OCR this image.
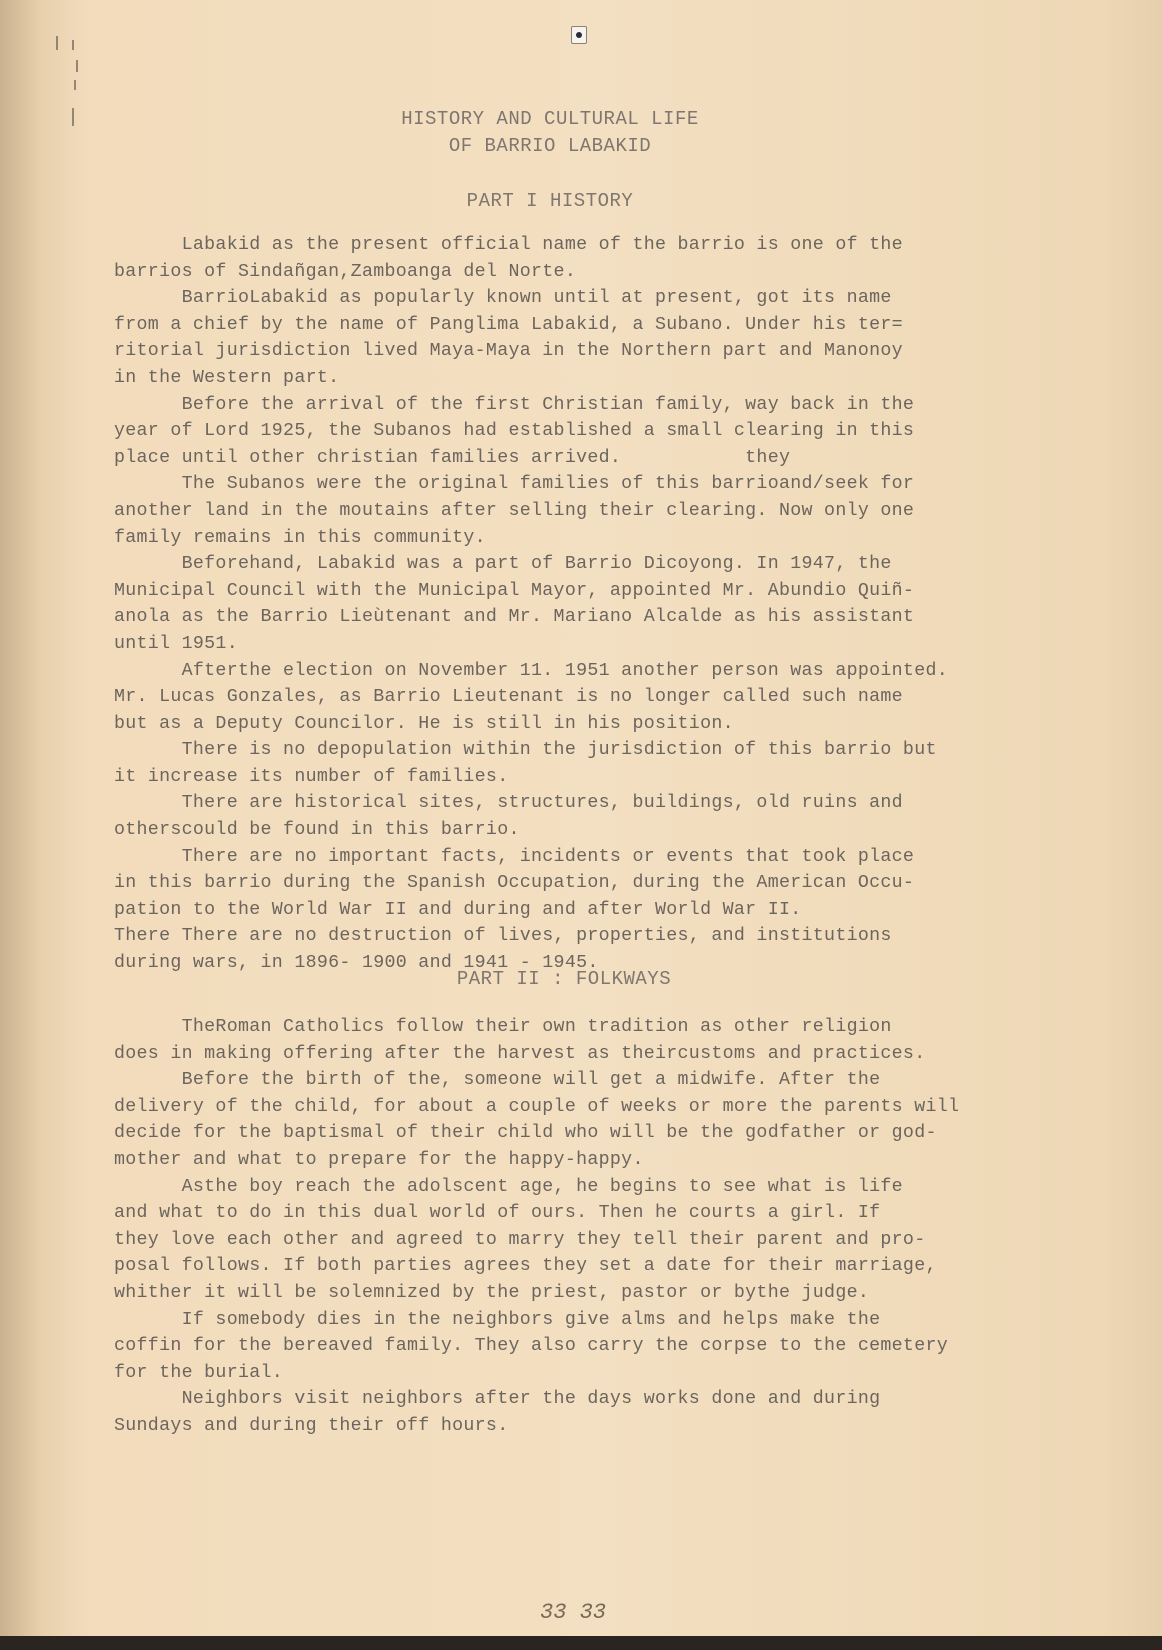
HISTORY AND CULTURAL LIFE
OF BARRIO LABAKID
PART I HISTORY
Labakid as the present official name of the barrio is one of the
barrios of Sindañgan,Zamboanga del Norte.
BarrioLabakid as popularly known until at present, got its name
from a chief by the name of Panglima Labakid, a Subano. Under his ter=
ritorial jurisdiction lived Maya-Maya in the Northern part and Manonoy
in the Western part.
Before the arrival of the first Christian family, way back in the
year of Lord 1925, the Subanos had established a small clearing in this
place until other christian families arrived.           they
The Subanos were the original families of this barrioand/seek for
another land in the moutains after selling their clearing. Now only one
family remains in this community.
Beforehand, Labakid was a part of Barrio Dicoyong. In 1947, the
Municipal Council with the Municipal Mayor, appointed Mr. Abundio Quiñ-
anola as the Barrio Lieùtenant and Mr. Mariano Alcalde as his assistant
until 1951.
Afterthe election on November 11. 1951 another person was appointed.
Mr. Lucas Gonzales, as Barrio Lieutenant is no longer called such name
but as a Deputy Councilor. He is still in his position.
There is no depopulation within the jurisdiction of this barrio but
it increase its number of families.
There are historical sites, structures, buildings, old ruins and
otherscould be found in this barrio.
There are no important facts, incidents or events that took place
in this barrio during the Spanish Occupation, during the American Occu-
pation to the World War II and during and after World War II.
There There are no destruction of lives, properties, and institutions
during wars, in 1896- 1900 and 1941 - 1945.
PART II : FOLKWAYS
TheRoman Catholics follow their own tradition as other religion
does in making offering after the harvest as theircustoms and practices.
Before the birth of the, someone will get a midwife. After the
delivery of the child, for about a couple of weeks or more the parents will
decide for the baptismal of their child who will be the godfather or god-
mother and what to prepare for the happy-happy.
Asthe boy reach the adolscent age, he begins to see what is life
and what to do in this dual world of ours. Then he courts a girl. If
they love each other and agreed to marry they tell their parent and pro-
posal follows. If both parties agrees they set a date for their marriage,
whither it will be solemnized by the priest, pastor or bythe judge.
If somebody dies in the neighbors give alms and helps make the
coffin for the bereaved family. They also carry the corpse to the cemetery
for the burial.
Neighbors visit neighbors after the days works done and during
Sundays and during their off hours.
33 33
